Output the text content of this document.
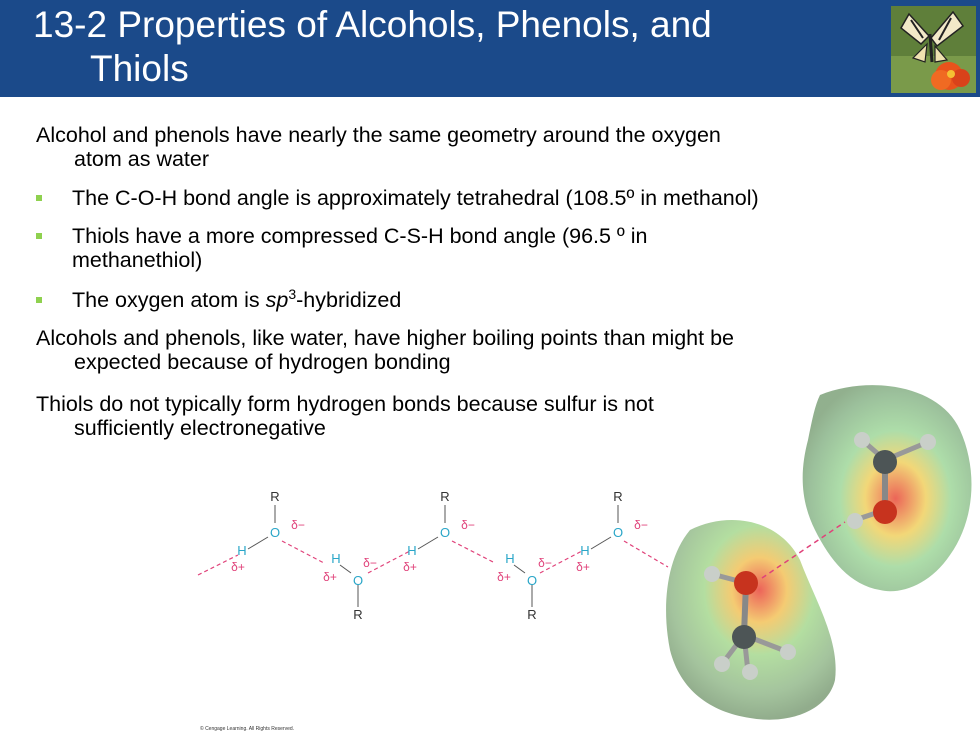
13-2 Properties of Alcohols, Phenols, and
Thiols
Alcohol and phenols have nearly the same geometry around the oxygen
atom as water
The C-O-H bond angle is approximately tetrahedral (108.5º in methanol)
Thiols have a more compressed C-S-H bond angle (96.5 º in
methanethiol)
The oxygen atom is $sp^3$-hybridized
Alcohols and phenols, like water, have higher boiling points than might be
expected because of hydrogen bonding
Thiols do not typically form hydrogen bonds because sulfur is not
sufficiently electronegative
R
O δ−
H
δ+
R
O δ−
H
δ+
R
O δ−
H
δ+
H
δ+ O
δ−
R
H
δ+ O
δ−
R
© Cengage Learning. All Rights Reserved.
